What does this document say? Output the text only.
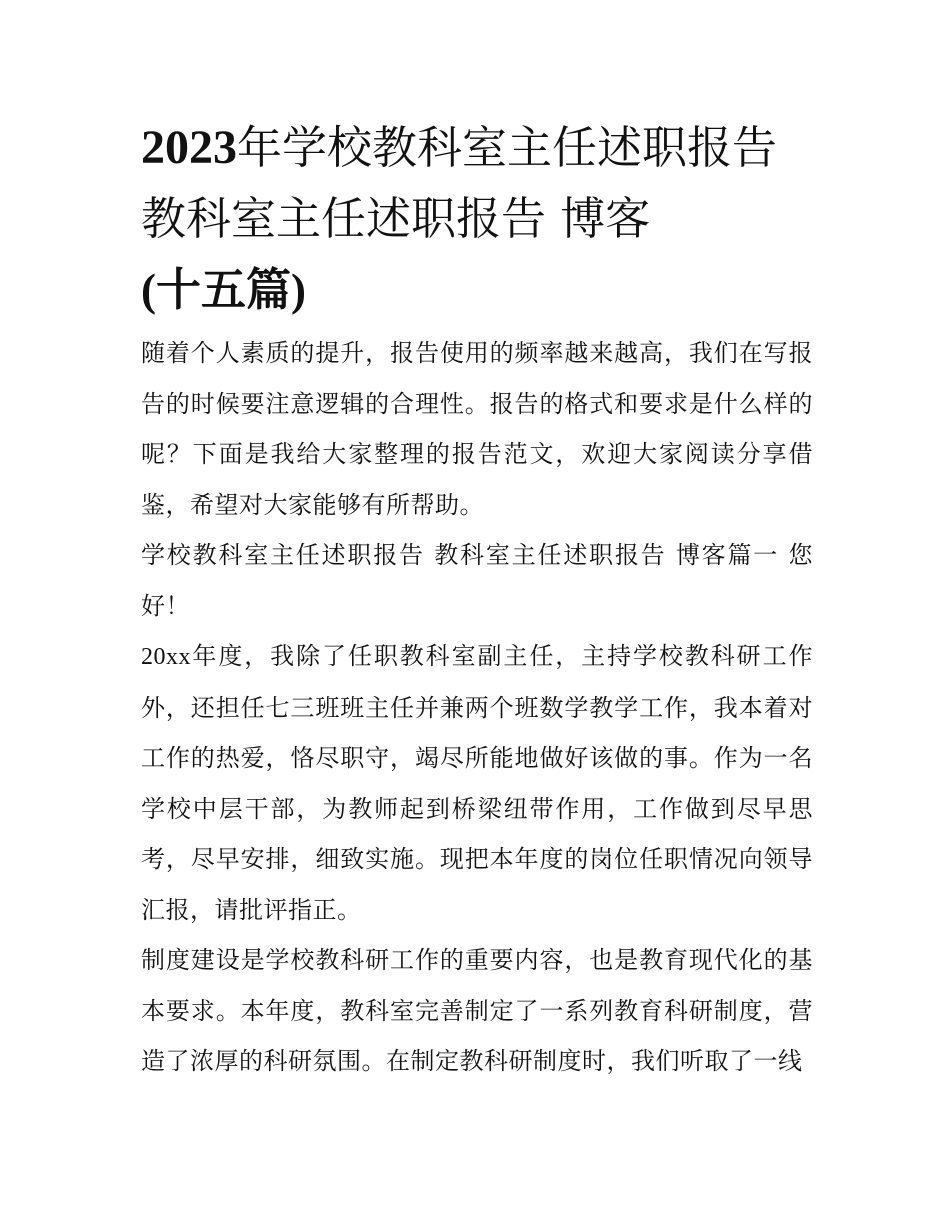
2023年学校教科室主任述职报告 教科室主任述职报告 博客
(十五篇)

随着个人素质的提升，报告使用的频率越来越高，我们在写报告的时候要注意逻辑的合理性。报告的格式和要求是什么样的呢？下面是我给大家整理的报告范文，欢迎大家阅读分享借鉴，希望对大家能够有所帮助。

学校教科室主任述职报告 教科室主任述职报告 博客篇一 您好！

20xx年度，我除了任职教科室副主任，主持学校教科研工作外，还担任七三班班主任并兼两个班数学教学工作，我本着对工作的热爱，恪尽职守，竭尽所能地做好该做的事。作为一名学校中层干部，为教师起到桥梁纽带作用，工作做到尽早思考，尽早安排，细致实施。现把本年度的岗位任职情况向领导汇报，请批评指正。

制度建设是学校教科研工作的重要内容，也是教育现代化的基本要求。本年度，教科室完善制定了一系列教育科研制度，营造了浓厚的科研氛围。在制定教科研制度时，我们听取了一线
